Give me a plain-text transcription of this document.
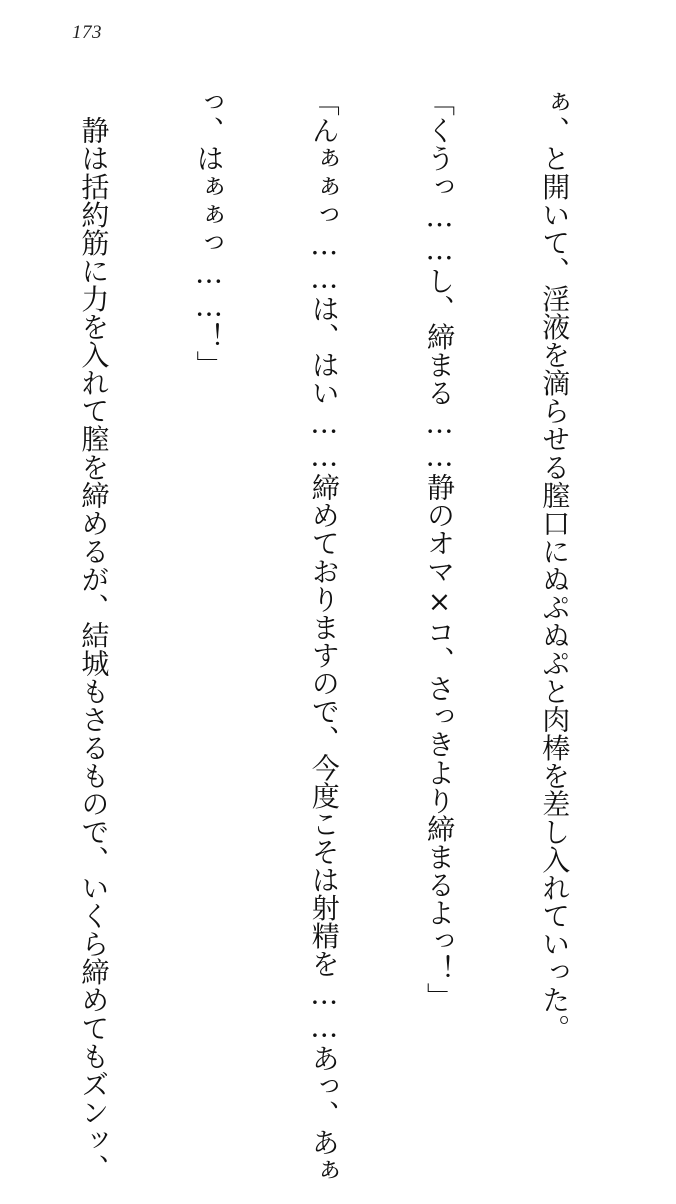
173

ぁ、と開いて、淫液を滴らせる膣口にぬぷぬぷと肉棒を差し入れていった。

「くうっ……し、締まる……静のオマ×コ、さっきより締まるよっ！」

「んぁぁっ……は、はい……締めておりますので、今度こそは射精を……あっ、あぁ

っ、はぁぁっ……！」

　静は括約筋に力を入れて膣を締めるが、結城もさるもので、いくら締めてもズンッ、
